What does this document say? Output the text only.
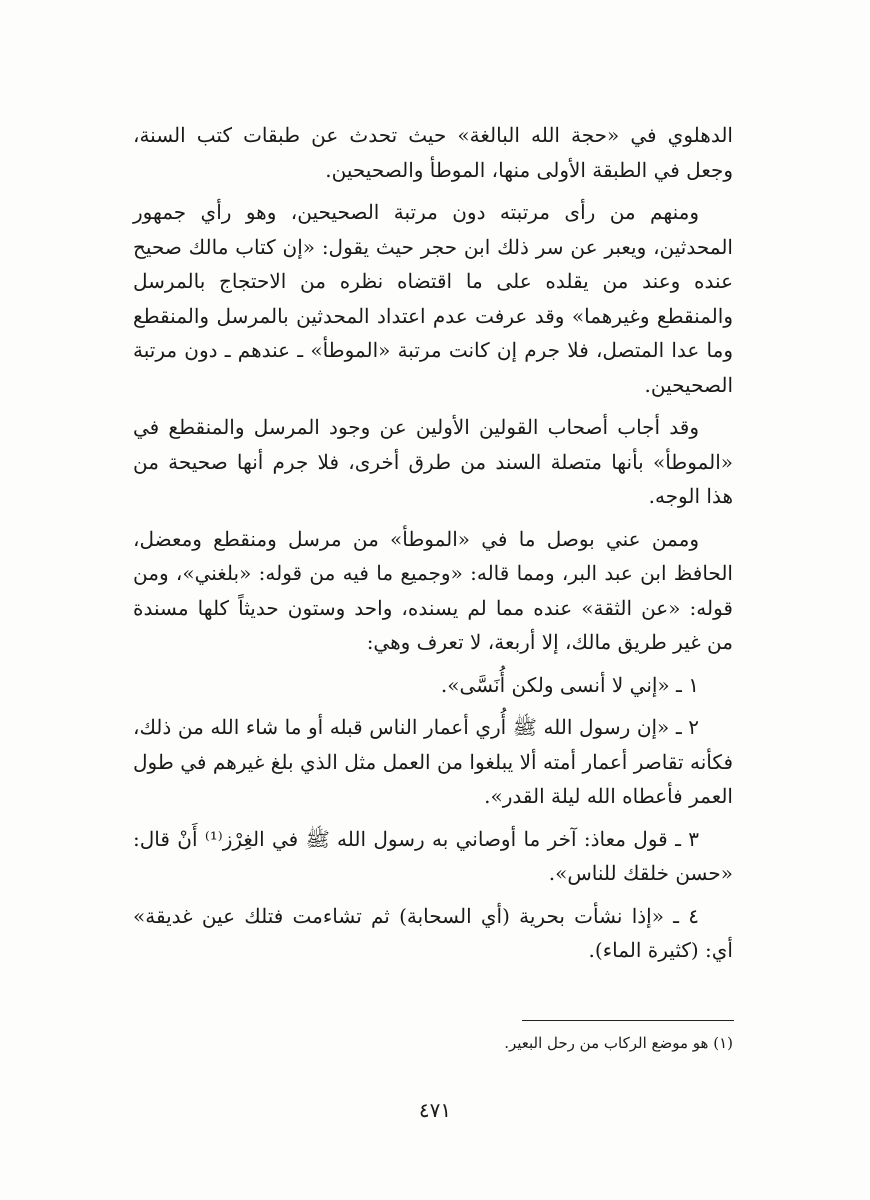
الدهلوي في «حجة الله البالغة» حيث تحدث عن طبقات كتب السنة، وجعل في الطبقة الأولى منها، الموطأ والصحيحين.

ومنهم من رأى مرتبته دون مرتبة الصحيحين، وهو رأي جمهور المحدثين، ويعبر عن سر ذلك ابن حجر حيث يقول: «إن كتاب مالك صحيح عنده وعند من يقلده على ما اقتضاه نظره من الاحتجاج بالمرسل والمنقطع وغيرهما» وقد عرفت عدم اعتداد المحدثين بالمرسل والمنقطع وما عدا المتصل، فلا جرم إن كانت مرتبة «الموطأ» ـ عندهم ـ دون مرتبة الصحيحين.

وقد أجاب أصحاب القولين الأولين عن وجود المرسل والمنقطع في «الموطأ» بأنها متصلة السند من طرق أخرى، فلا جرم أنها صحيحة من هذا الوجه.

وممن عني بوصل ما في «الموطأ» من مرسل ومنقطع ومعضل، الحافظ ابن عبد البر، ومما قاله: «وجميع ما فيه من قوله: «بلغني»، ومن قوله: «عن الثقة» عنده مما لم يسنده، واحد وستون حديثاً كلها مسندة من غير طريق مالك، إلا أربعة، لا تعرف وهي:

١ ـ «إني لا أنسى ولكن أُنَسَّى».

٢ ـ «إن رسول الله ﷺ أُري أعمار الناس قبله أو ما شاء الله من ذلك، فكأنه تقاصر أعمار أمته ألا يبلغوا من العمل مثل الذي بلغ غيرهم في طول العمر فأعطاه الله ليلة القدر».

٣ ـ قول معاذ: آخر ما أوصاني به رسول الله ﷺ في الغِرْز⁽¹⁾ أَنْ قال: «حسن خلقك للناس».

٤ ـ «إذا نشأت بحرية (أي السحابة) ثم تشاءمت فتلك عين غديقة» أي: (كثيرة الماء).

(١) هو موضع الركاب من رحل البعير.
٤٧١
